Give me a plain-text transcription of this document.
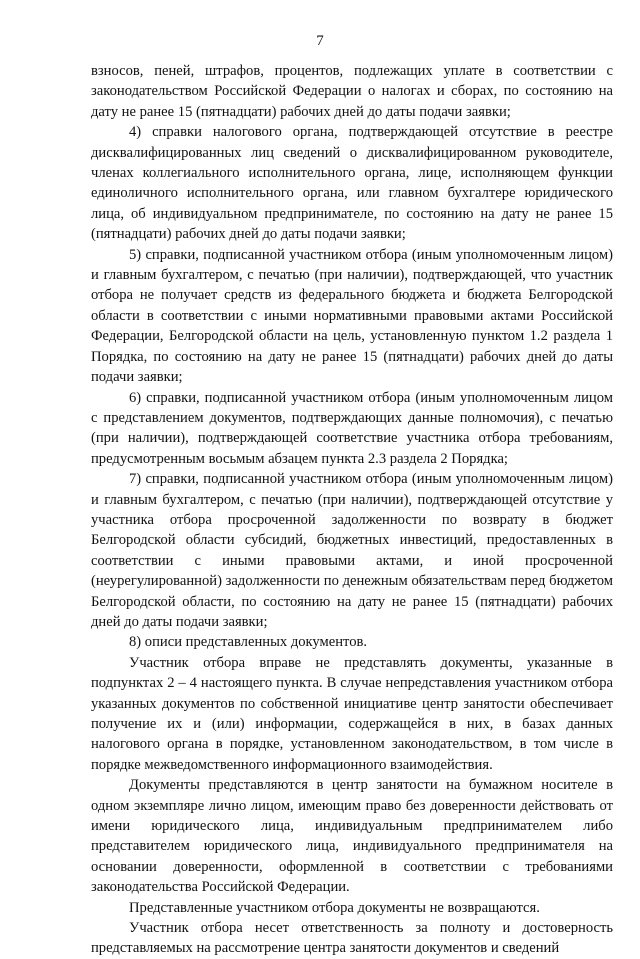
7

взносов, пеней, штрафов, процентов, подлежащих уплате в соответствии с законодательством Российской Федерации о налогах и сборах, по состоянию на дату не ранее 15 (пятнадцати) рабочих дней до даты подачи заявки;

4) справки налогового органа, подтверждающей отсутствие в реестре дисквалифицированных лиц сведений о дисквалифицированном руководителе, членах коллегиального исполнительного органа, лице, исполняющем функции единоличного исполнительного органа, или главном бухгалтере юридического лица, об индивидуальном предпринимателе, по состоянию на дату не ранее 15 (пятнадцати) рабочих дней до даты подачи заявки;

5) справки, подписанной участником отбора (иным уполномоченным лицом) и главным бухгалтером, с печатью (при наличии), подтверждающей, что участник отбора не получает средств из федерального бюджета и бюджета Белгородской области в соответствии с иными нормативными правовыми актами Российской Федерации, Белгородской области на цель, установленную пунктом 1.2 раздела 1 Порядка, по состоянию на дату не ранее 15 (пятнадцати) рабочих дней до даты подачи заявки;

6) справки, подписанной участником отбора (иным уполномоченным лицом с представлением документов, подтверждающих данные полномочия), с печатью (при наличии), подтверждающей соответствие участника отбора требованиям, предусмотренным восьмым абзацем пункта 2.3 раздела 2 Порядка;

7) справки, подписанной участником отбора (иным уполномоченным лицом) и главным бухгалтером, с печатью (при наличии), подтверждающей отсутствие у участника отбора просроченной задолженности по возврату в бюджет Белгородской области субсидий, бюджетных инвестиций, предоставленных в соответствии с иными правовыми актами, и иной просроченной (неурегулированной) задолженности по денежным обязательствам перед бюджетом Белгородской области, по состоянию на дату не ранее 15 (пятнадцати) рабочих дней до даты подачи заявки;

8) описи представленных документов.

Участник отбора вправе не представлять документы, указанные в подпунктах 2 – 4 настоящего пункта. В случае непредставления участником отбора указанных документов по собственной инициативе центр занятости обеспечивает получение их и (или) информации, содержащейся в них, в базах данных налогового органа в порядке, установленном законодательством, в том числе в порядке межведомственного информационного взаимодействия.

Документы представляются в центр занятости на бумажном носителе в одном экземпляре лично лицом, имеющим право без доверенности действовать от имени юридического лица, индивидуальным предпринимателем либо представителем юридического лица, индивидуального предпринимателя на основании доверенности, оформленной в соответствии с требованиями законодательства Российской Федерации.

Представленные участником отбора документы не возвращаются.

Участник отбора несет ответственность за полноту и достоверность представляемых на рассмотрение центра занятости документов и сведений
